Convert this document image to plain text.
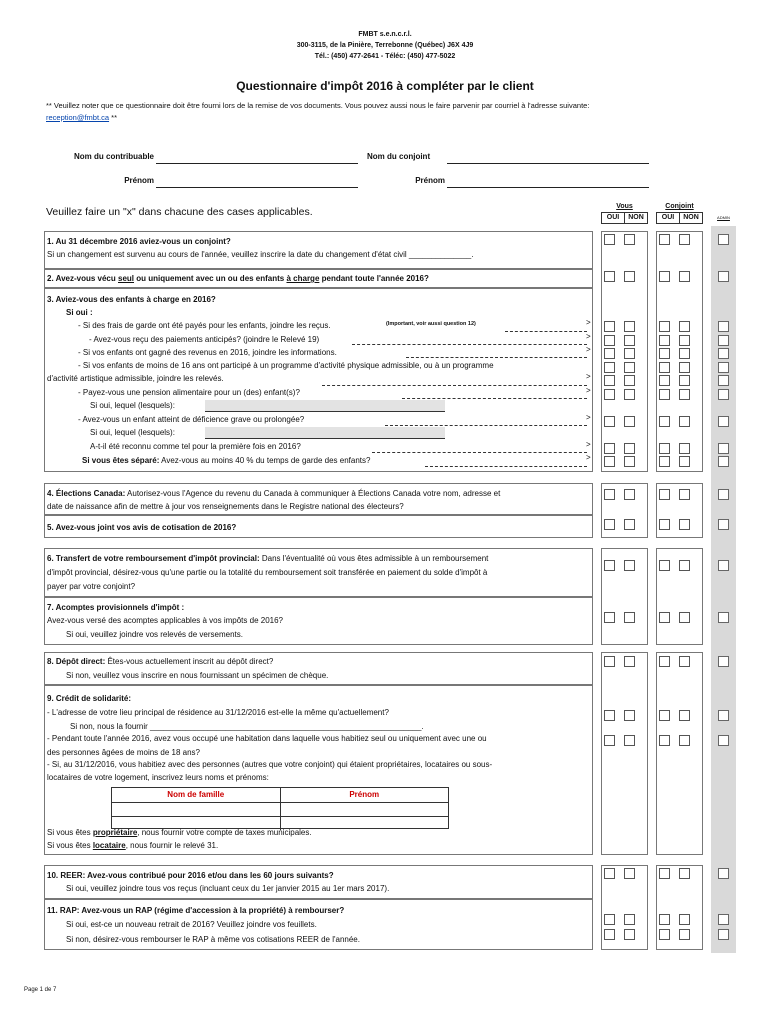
FMBT s.e.n.c.r.l.
300-3115, de la Pinière, Terrebonne (Québec) J6X 4J9
Tél.: (450) 477-2641 - Téléc: (450) 477-5022
Questionnaire d'impôt 2016 à compléter par le client
** Veuillez noter que ce questionnaire doit être fourni lors de la remise de vos documents. Vous pouvez aussi nous le faire parvenir par courriel à l'adresse suivante:
reception@fmbt.ca **
Nom du contribuable	Nom du conjoint
Prénom	Prénom
Veuillez faire un "x" dans chacune des cases applicables.	Vous	Conjoint
OUI	NON	OUI	NON	ADMIN
1. Au 31 décembre 2016 aviez-vous un conjoint?
Si un changement est survenu au cours de l'année, veuillez inscrire la date du changement d'état civil ______________.
2. Avez-vous vécu seul ou uniquement avec un ou des enfants à charge pendant toute l'année 2016?
3. Aviez-vous des enfants à charge en 2016?
Si oui :
- Si des frais de garde ont été payés pour les enfants, joindre les reçus.	(Important, voir aussi question 12)
- Avez-vous reçu des paiements anticipés? (joindre le Relevé 19)
- Si vos enfants ont gagné des revenus en 2016, joindre les informations.
- Si vos enfants de moins de 16 ans ont participé à un programme d'activité physique admissible, ou à un programme
d'activité artistique admissible, joindre les relevés.
- Payez-vous une pension alimentaire pour un (des) enfant(s)?
Si oui, lequel (lesquels):
- Avez-vous un enfant atteint de déficience grave ou prolongée?
Si oui, lequel (lesquels):
A-t-il été reconnu comme tel pour la première fois en 2016?
Si vous êtes séparé: Avez-vous au moins 40 % du temps de garde des enfants?
4. Élections Canada: Autorisez-vous l'Agence du revenu du Canada à communiquer à Élections Canada votre nom, adresse et
date de naissance afin de mettre à jour vos renseignements dans le Registre national des électeurs?
5. Avez-vous joint vos avis de cotisation de 2016?
6. Transfert de votre remboursement d'impôt provincial: Dans l'éventualité où vous êtes admissible à un remboursement
d'impôt provincial, désirez-vous qu'une partie ou la totalité du remboursement soit transférée en paiement du solde d'impôt à
payer par votre conjoint?
7. Acomptes provisionnels d'impôt :
Avez-vous versé des acomptes applicables à vos impôts de 2016?
Si oui, veuillez joindre vos relevés de versements.
8. Dépôt direct: Êtes-vous actuellement inscrit au dépôt direct?
Si non, veuillez vous inscrire en nous fournissant un spécimen de chèque.
9. Crédit de solidarité:
- L'adresse de votre lieu principal de résidence au 31/12/2016 est-elle la même qu'actuellement?
Si non, nous la fournir _____________________________________________________________.
- Pendant toute l'année 2016, avez vous occupé une habitation dans laquelle vous habitiez seul ou uniquement avec une ou
des personnes âgées de moins de 18 ans?
- Si, au 31/12/2016, vous habitiez avec des personnes (autres que votre conjoint) qui étaient propriétaires, locataires ou sous-
locataires de votre logement, inscrivez leurs noms et prénoms:
Nom de famille	Prénom
Si vous êtes propriétaire, nous fournir votre compte de taxes municipales.
Si vous êtes locataire, nous fournir le relevé 31.
10. REER: Avez-vous contribué pour 2016 et/ou dans les 60 jours suivants?
Si oui, veuillez joindre tous vos reçus (incluant ceux du 1er janvier 2015 au 1er mars 2017).
11. RAP: Avez-vous un RAP (régime d'accession à la propriété) à rembourser?
Si oui, est-ce un nouveau retrait de 2016? Veuillez joindre vos feuillets.
Si non, désirez-vous rembourser le RAP à même vos cotisations REER de l'année.
Page 1 de 7
>
>
>
>
>
>
>
>
